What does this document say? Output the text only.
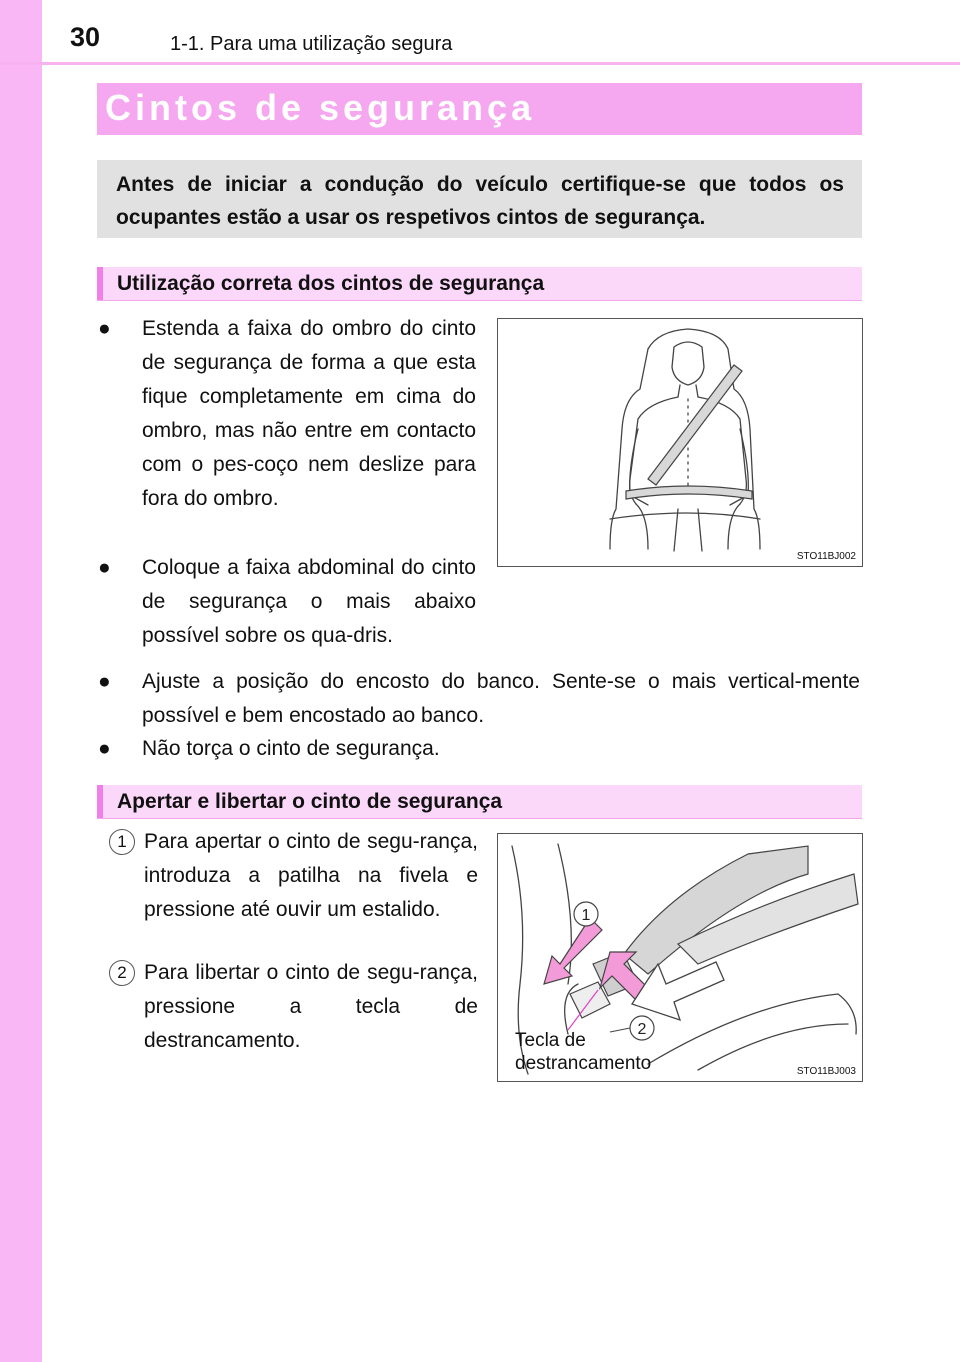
30	1-1. Para uma utilização segura
Cintos de segurança
Antes de iniciar a condução do veículo certifique-se que todos os ocupantes estão a usar os respetivos cintos de segurança.
Utilização correta dos cintos de segurança
● Estenda a faixa do ombro do cinto de segurança de forma a que esta fique completamente em cima do ombro, mas não entre em contacto com o pes-coço nem deslize para fora do ombro.
● Coloque a faixa abdominal do cinto de segurança o mais abaixo possível sobre os qua-dris.
● Ajuste a posição do encosto do banco. Sente-se o mais vertical-mente possível e bem encostado ao banco.
● Não torça o cinto de segurança.
STO11BJ002
Apertar e libertar o cinto de segurança
1 Para apertar o cinto de segu-rança, introduza a patilha na fivela e pressione até ouvir um estalido.
2 Para libertar o cinto de segu-rança, pressione a tecla de destrancamento.
1
2
Tecla de destrancamento	STO11BJ003
